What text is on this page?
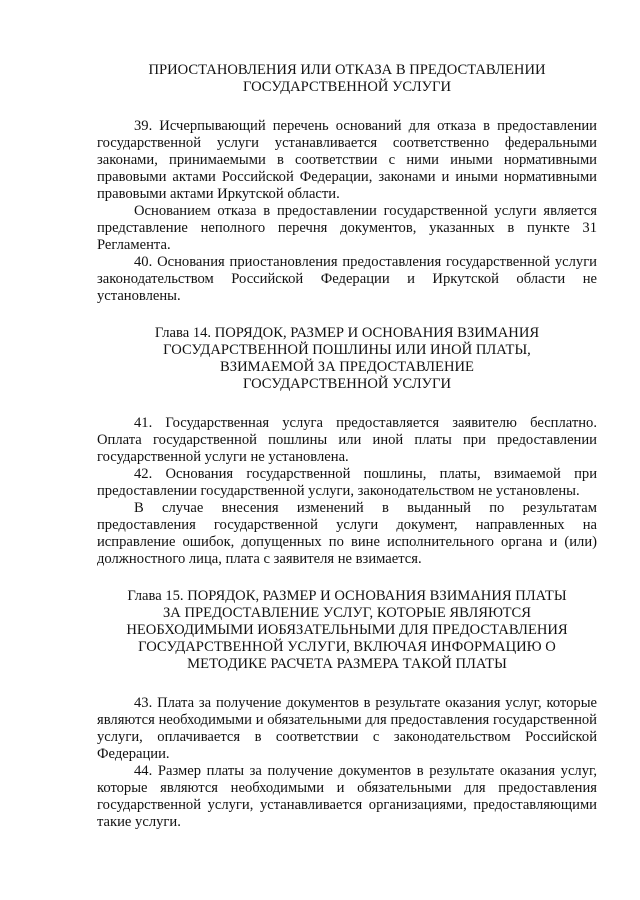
ПРИОСТАНОВЛЕНИЯ ИЛИ ОТКАЗА В ПРЕДОСТАВЛЕНИИ
ГОСУДАРСТВЕННОЙ УСЛУГИ

39. Исчерпывающий перечень оснований для отказа в предоставлении государственной услуги устанавливается соответственно федеральными законами, принимаемыми в соответствии с ними иными нормативными правовыми актами Российской Федерации, законами и иными нормативными правовыми актами Иркутской области.

Основанием отказа в предоставлении государственной услуги является представление неполного перечня документов, указанных в пункте 31 Регламента.

40. Основания приостановления предоставления государственной услуги законодательством Российской Федерации и Иркутской области не установлены.

Глава 14. ПОРЯДОК, РАЗМЕР И ОСНОВАНИЯ ВЗИМАНИЯ
ГОСУДАРСТВЕННОЙ ПОШЛИНЫ ИЛИ ИНОЙ ПЛАТЫ,
ВЗИМАЕМОЙ ЗА ПРЕДОСТАВЛЕНИЕ
ГОСУДАРСТВЕННОЙ УСЛУГИ

41. Государственная услуга предоставляется заявителю бесплатно. Оплата государственной пошлины или иной платы при предоставлении государственной услуги не установлена.

42. Основания государственной пошлины, платы, взимаемой при предоставлении государственной услуги, законодательством не установлены.

В случае внесения изменений в выданный по результатам предоставления государственной услуги документ, направленных на исправление ошибок, допущенных по вине исполнительного органа и (или) должностного лица, плата с заявителя не взимается.

Глава 15. ПОРЯДОК, РАЗМЕР И ОСНОВАНИЯ ВЗИМАНИЯ ПЛАТЫ
ЗА ПРЕДОСТАВЛЕНИЕ УСЛУГ, КОТОРЫЕ ЯВЛЯЮТСЯ
НЕОБХОДИМЫМИ ИОБЯЗАТЕЛЬНЫМИ ДЛЯ ПРЕДОСТАВЛЕНИЯ
ГОСУДАРСТВЕННОЙ УСЛУГИ, ВКЛЮЧАЯ ИНФОРМАЦИЮ О
МЕТОДИКЕ РАСЧЕТА РАЗМЕРА ТАКОЙ ПЛАТЫ

43. Плата за получение документов в результате оказания услуг, которые являются необходимыми и обязательными для предоставления государственной услуги, оплачивается в соответствии с законодательством Российской Федерации.

44. Размер платы за получение документов в результате оказания услуг, которые являются необходимыми и обязательными для предоставления государственной услуги, устанавливается организациями, предоставляющими такие услуги.
